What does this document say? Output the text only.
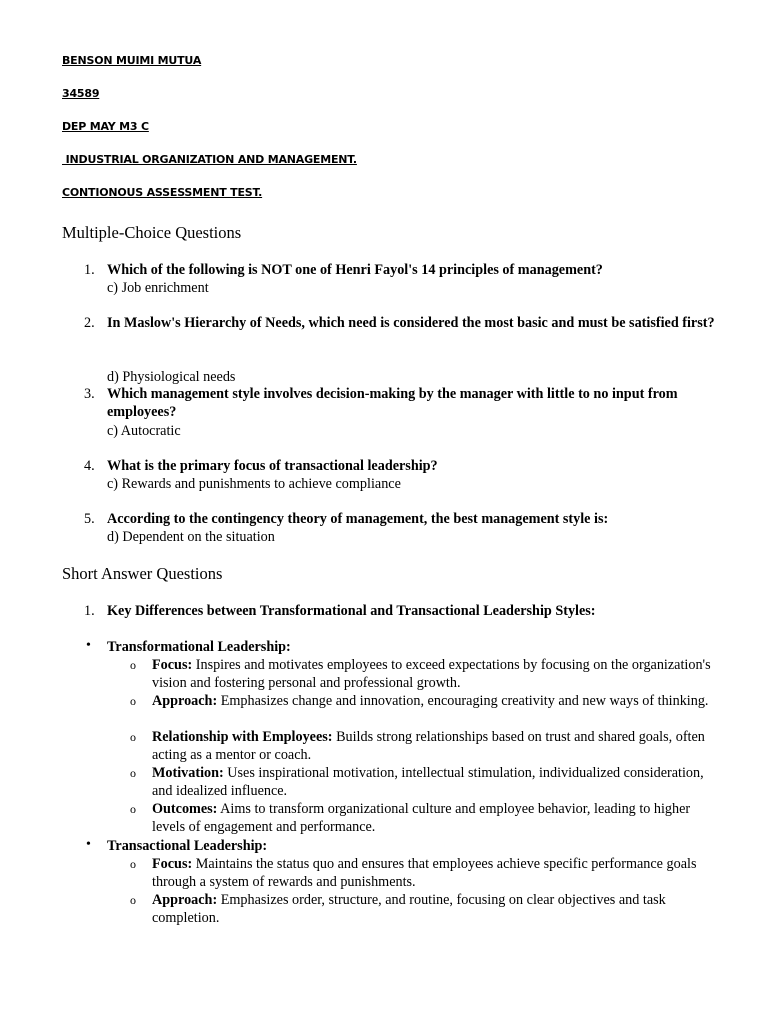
BENSON MUIMI MUTUA
34589
DEP MAY M3 C
INDUSTRIAL ORGANIZATION AND MANAGEMENT.
CONTIONOUS ASSESSMENT TEST.
Multiple-Choice Questions
1. Which of the following is NOT one of Henri Fayol's 14 principles of management?
c) Job enrichment
2. In Maslow's Hierarchy of Needs, which need is considered the most basic and must be satisfied first?
d) Physiological needs
3. Which management style involves decision-making by the manager with little to no input from employees?
c) Autocratic
4. What is the primary focus of transactional leadership?
c) Rewards and punishments to achieve compliance
5. According to the contingency theory of management, the best management style is:
d) Dependent on the situation
Short Answer Questions
1. Key Differences between Transformational and Transactional Leadership Styles:
• Transformational Leadership:
o Focus: Inspires and motivates employees to exceed expectations by focusing on the organization's vision and fostering personal and professional growth.
o Approach: Emphasizes change and innovation, encouraging creativity and new ways of thinking.
o Relationship with Employees: Builds strong relationships based on trust and shared goals, often acting as a mentor or coach.
o Motivation: Uses inspirational motivation, intellectual stimulation, individualized consideration, and idealized influence.
o Outcomes: Aims to transform organizational culture and employee behavior, leading to higher levels of engagement and performance.
• Transactional Leadership:
o Focus: Maintains the status quo and ensures that employees achieve specific performance goals through a system of rewards and punishments.
o Approach: Emphasizes order, structure, and routine, focusing on clear objectives and task completion.
